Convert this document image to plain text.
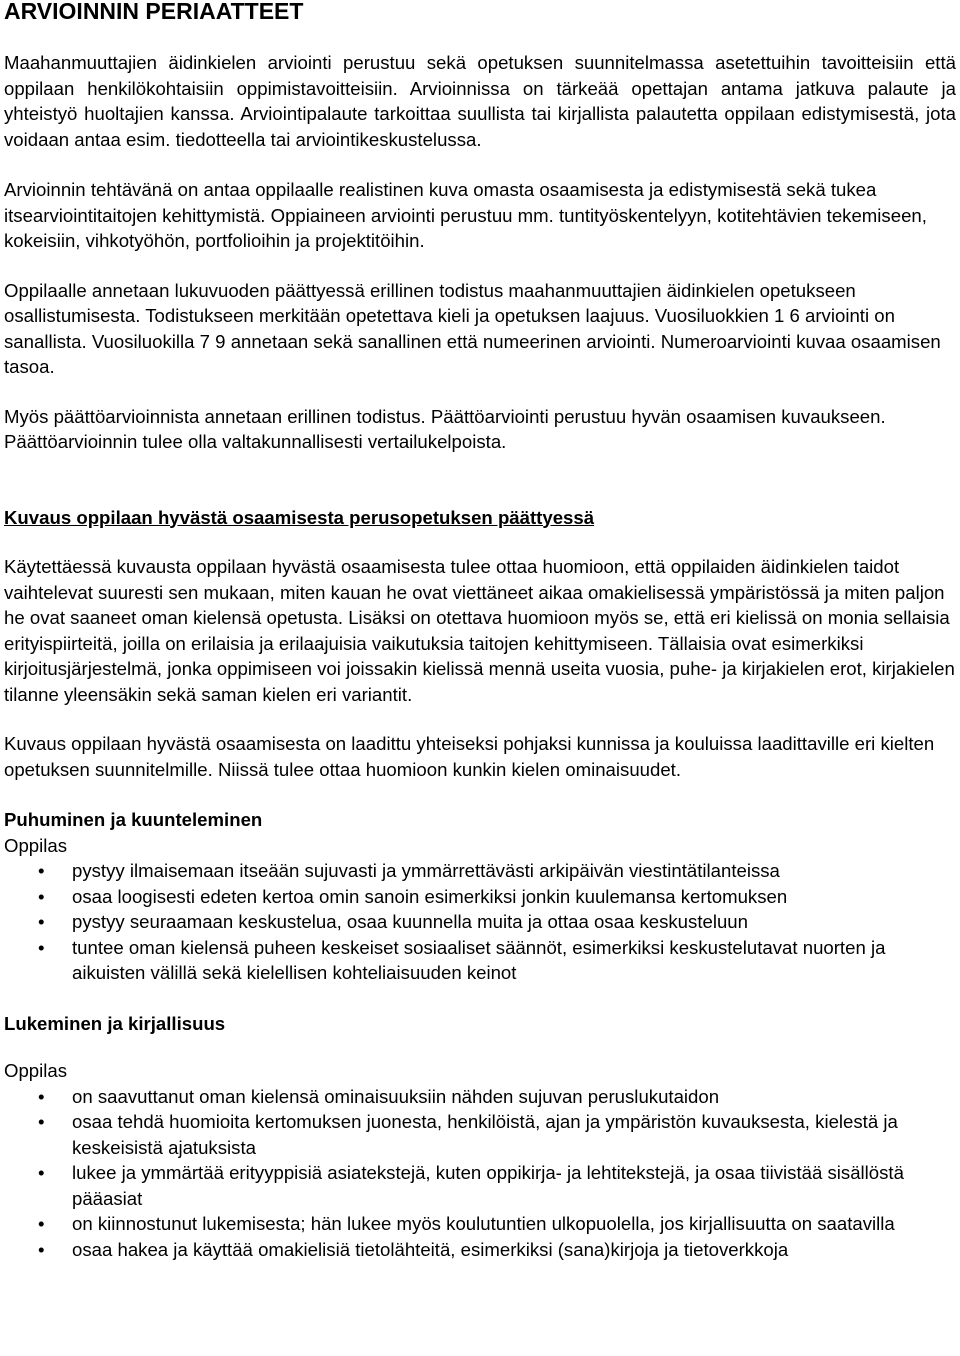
ARVIOINNIN PERIAATTEET

Maahanmuuttajien äidinkielen arviointi perustuu sekä opetuksen suunnitelmassa asetettuihin tavoitteisiin että oppilaan henkilökohtaisiin oppimistavoitteisiin. Arvioinnissa on tärkeää opettajan antama jatkuva palaute ja yhteistyö huoltajien kanssa. Arviointipalaute tarkoittaa suullista tai kirjallista palautetta oppilaan edistymisestä, jota voidaan antaa esim. tiedotteella tai arviointikeskustelussa.

Arvioinnin tehtävänä on antaa oppilaalle realistinen kuva omasta osaamisesta ja edistymisestä sekä tukea itsearviointitaitojen kehittymistä. Oppiaineen arviointi perustuu mm. tuntityöskentelyyn, kotitehtävien tekemiseen, kokeisiin, vihkotyöhön, portfolioihin ja projektitöihin.

Oppilaalle annetaan lukuvuoden päättyessä erillinen todistus maahanmuuttajien äidinkielen opetukseen osallistumisesta. Todistukseen merkitään opetettava kieli ja opetuksen laajuus. Vuosiluokkien 1 6 arviointi on sanallista. Vuosiluokilla 7 9 annetaan sekä sanallinen että numeerinen arviointi. Numeroarviointi kuvaa osaamisen tasoa.

Myös päättöarvioinnista annetaan erillinen todistus. Päättöarviointi perustuu hyvän osaamisen kuvaukseen. Päättöarvioinnin tulee olla valtakunnallisesti vertailukelpoista.

Kuvaus oppilaan hyvästä osaamisesta perusopetuksen päättyessä

Käytettäessä kuvausta oppilaan hyvästä osaamisesta tulee ottaa huomioon, että oppilaiden äidinkielen taidot vaihtelevat suuresti sen mukaan, miten kauan he ovat viettäneet aikaa omakielisessä ympäristössä ja miten paljon he ovat saaneet oman kielensä opetusta. Lisäksi on otettava huomioon myös se, että eri kielissä on monia sellaisia erityispiirteitä, joilla on erilaisia ja erilaajuisia vaikutuksia taitojen kehittymiseen. Tällaisia ovat esimerkiksi kirjoitusjärjestelmä, jonka oppimiseen voi joissakin kielissä mennä useita vuosia, puhe- ja kirjakielen erot, kirjakielen tilanne yleensäkin sekä saman kielen eri variantit.

Kuvaus oppilaan hyvästä osaamisesta on laadittu yhteiseksi pohjaksi kunnissa ja kouluissa laadittaville eri kielten opetuksen suunnitelmille. Niissä tulee ottaa huomioon kunkin kielen ominaisuudet.

Puhuminen ja kuunteleminen

Oppilas

• pystyy ilmaisemaan itseään sujuvasti ja ymmärrettävästi arkipäivän viestintätilanteissa
• osaa loogisesti edeten kertoa omin sanoin esimerkiksi jonkin kuulemansa kertomuksen
• pystyy seuraamaan keskustelua, osaa kuunnella muita ja ottaa osaa keskusteluun
• tuntee oman kielensä puheen keskeiset sosiaaliset säännöt, esimerkiksi keskustelutavat nuorten ja aikuisten välillä sekä kielellisen kohteliaisuuden keinot

Lukeminen ja kirjallisuus

Oppilas

• on saavuttanut oman kielensä ominaisuuksiin nähden sujuvan peruslukutaidon
• osaa tehdä huomioita kertomuksen juonesta, henkilöistä, ajan ja ympäristön kuvauksesta, kielestä ja keskeisistä ajatuksista
• lukee ja ymmärtää erityyppisiä asiatekstejä, kuten oppikirja- ja lehtitekstejä, ja osaa tiivistää sisällöstä pääasiat
• on kiinnostunut lukemisesta; hän lukee myös koulutuntien ulkopuolella, jos kirjallisuutta on saatavilla
• osaa hakea ja käyttää omakielisiä tietolähteitä, esimerkiksi (sana)kirjoja ja tietoverkkoja
